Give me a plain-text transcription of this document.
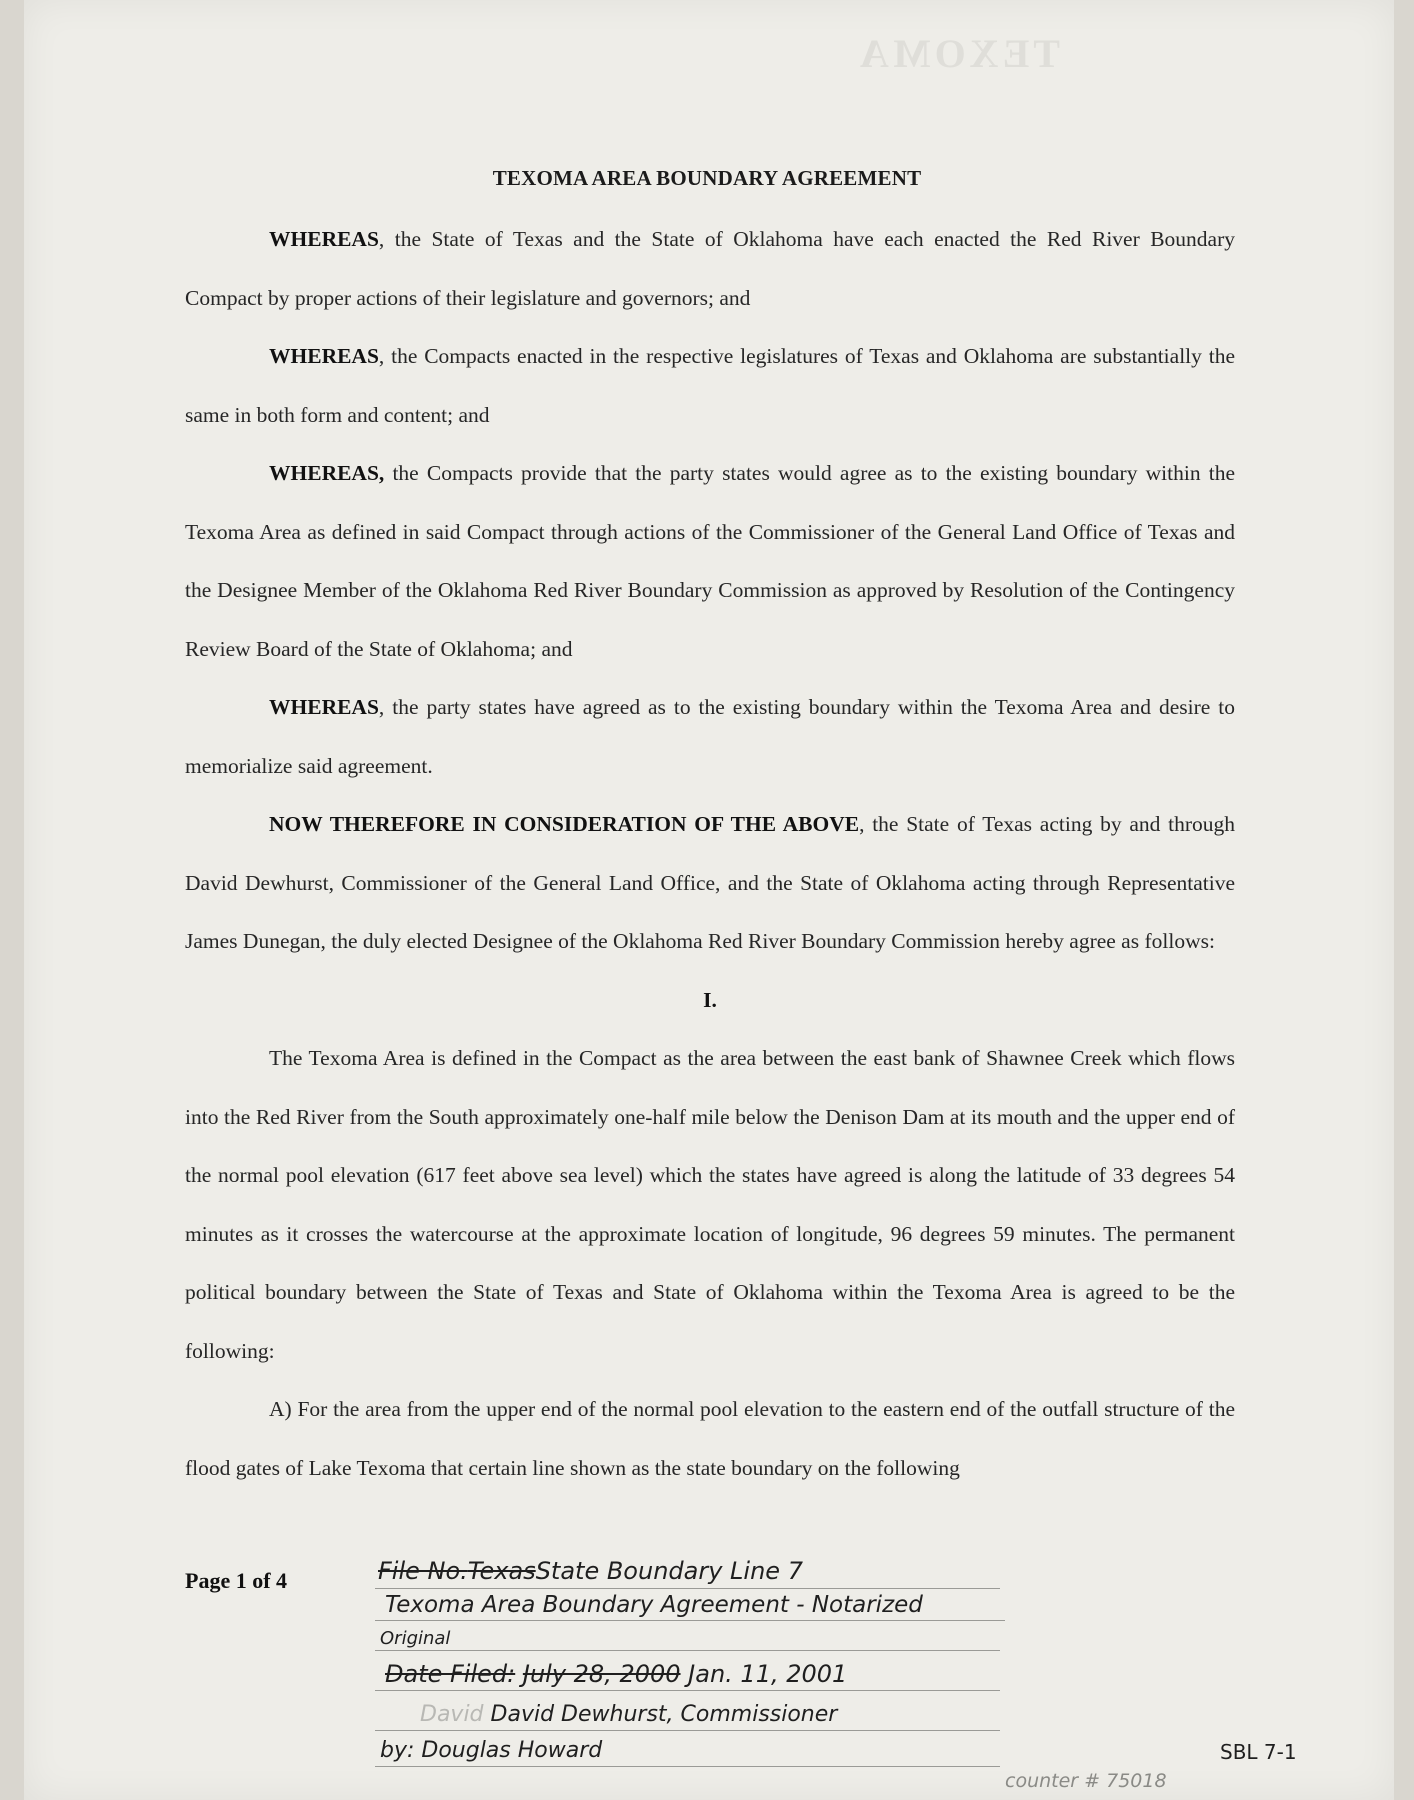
TEXOMA
TEXOMA AREA BOUNDARY AGREEMENT

WHEREAS, the State of Texas and the State of Oklahoma have each enacted the Red River Boundary Compact by proper actions of their legislature and governors; and

WHEREAS, the Compacts enacted in the respective legislatures of Texas and Oklahoma are substantially the same in both form and content; and

WHEREAS, the Compacts provide that the party states would agree as to the existing boundary within the Texoma Area as defined in said Compact through actions of the Commissioner of the General Land Office of Texas and the Designee Member of the Oklahoma Red River Boundary Commission as approved by Resolution of the Contingency Review Board of the State of Oklahoma; and

WHEREAS, the party states have agreed as to the existing boundary within the Texoma Area and desire to memorialize said agreement.

NOW THEREFORE IN CONSIDERATION OF THE ABOVE, the State of Texas acting by and through David Dewhurst, Commissioner of the General Land Office, and the State of Oklahoma acting through Representative James Dunegan, the duly elected Designee of the Oklahoma Red River Boundary Commission hereby agree as follows:

I.

The Texoma Area is defined in the Compact as the area between the east bank of Shawnee Creek which flows into the Red River from the South approximately one-half mile below the Denison Dam at its mouth and the upper end of the normal pool elevation (617 feet above sea level) which the states have agreed is along the latitude of 33 degrees 54 minutes as it crosses the watercourse at the approximate location of longitude, 96 degrees 59 minutes. The permanent political boundary between the State of Texas and State of Oklahoma within the Texoma Area is agreed to be the following:

A) For the area from the upper end of the normal pool elevation to the eastern end of the outfall structure of the flood gates of Lake Texoma that certain line shown as the state boundary on the following

Page 1 of 4	File No.TexasState Boundary Line 7
Texoma Area Boundary Agreement - Notarized
Original
Date Filed: July 28, 2000 Jan. 11, 2001
David David Dewhurst, Commissioner
by: Douglas Howard	SBL 7-1
counter # 75018
